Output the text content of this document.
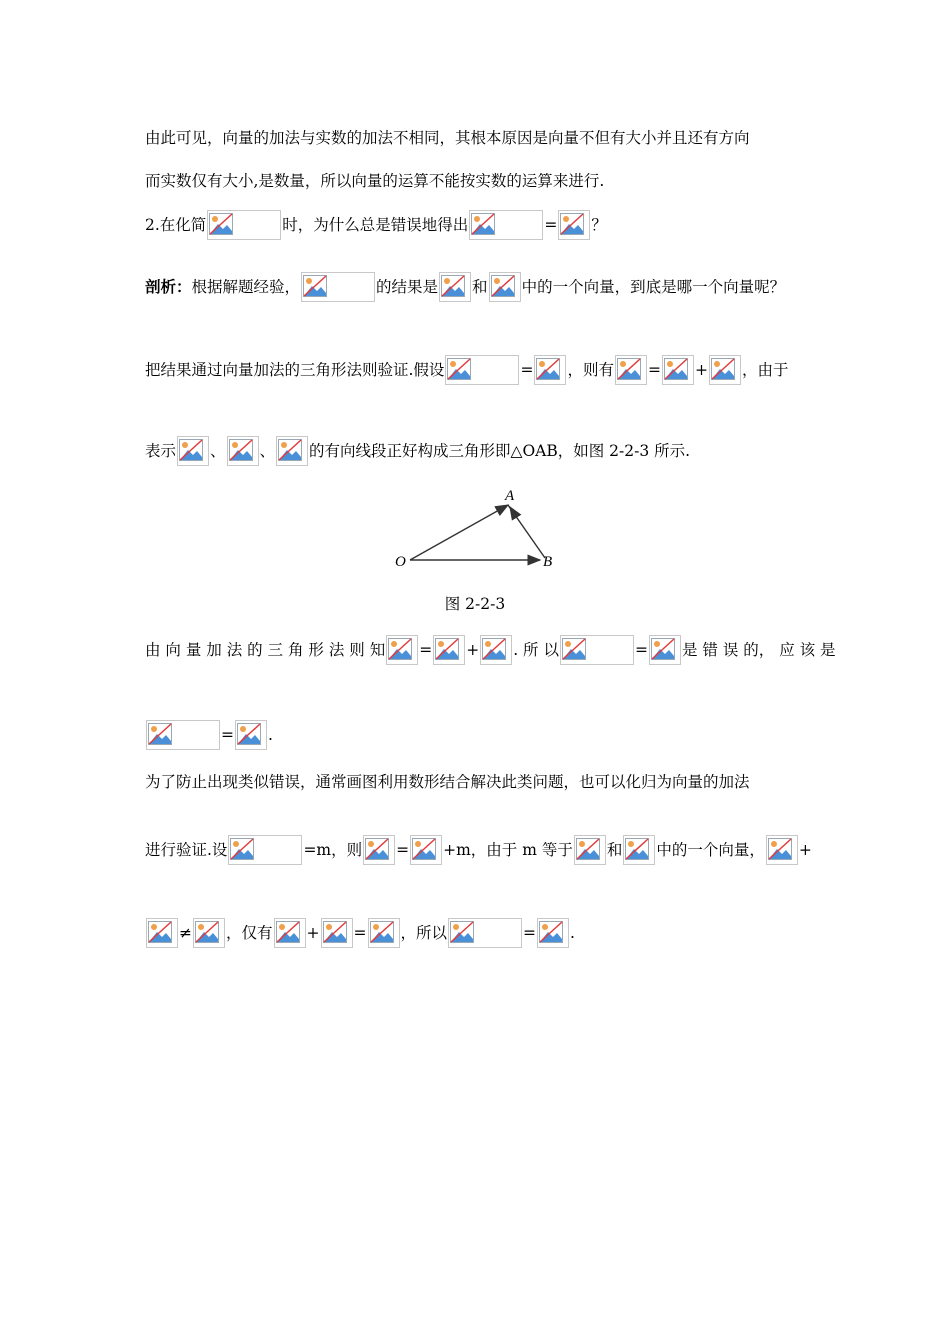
由此可见，向量的加法与实数的加法不相同，其根本原因是向量不但有大小并且还有方向
而实数仅有大小,是数量，所以向量的运算不能按实数的运算来进行.
2.在化简	时，为什么总是错误地得出	= ？
剖析：根据解题经验，	的结果是 和 中的一个向量，到底是哪一个向量呢？
把结果通过向量加法的三角形法则验证.假设	= ，则有 = + ，由于
表示 、 、 的有向线段正好构成三角形即△OAB，如图 2-2-3 所示.
O
A
B
图 2-2-3
由 向 量 加 法 的 三 角 形 法 则 知 = + . 所 以	= 是 错 误 的， 应 该 是
= .
为了防止出现类似错误，通常画图利用数形结合解决此类问题，也可以化归为向量的加法
进行验证.设	=m，则 = +m，由于 m 等于 和 中的一个向量， +
≠ ，仅有 + = ，所以	= .
